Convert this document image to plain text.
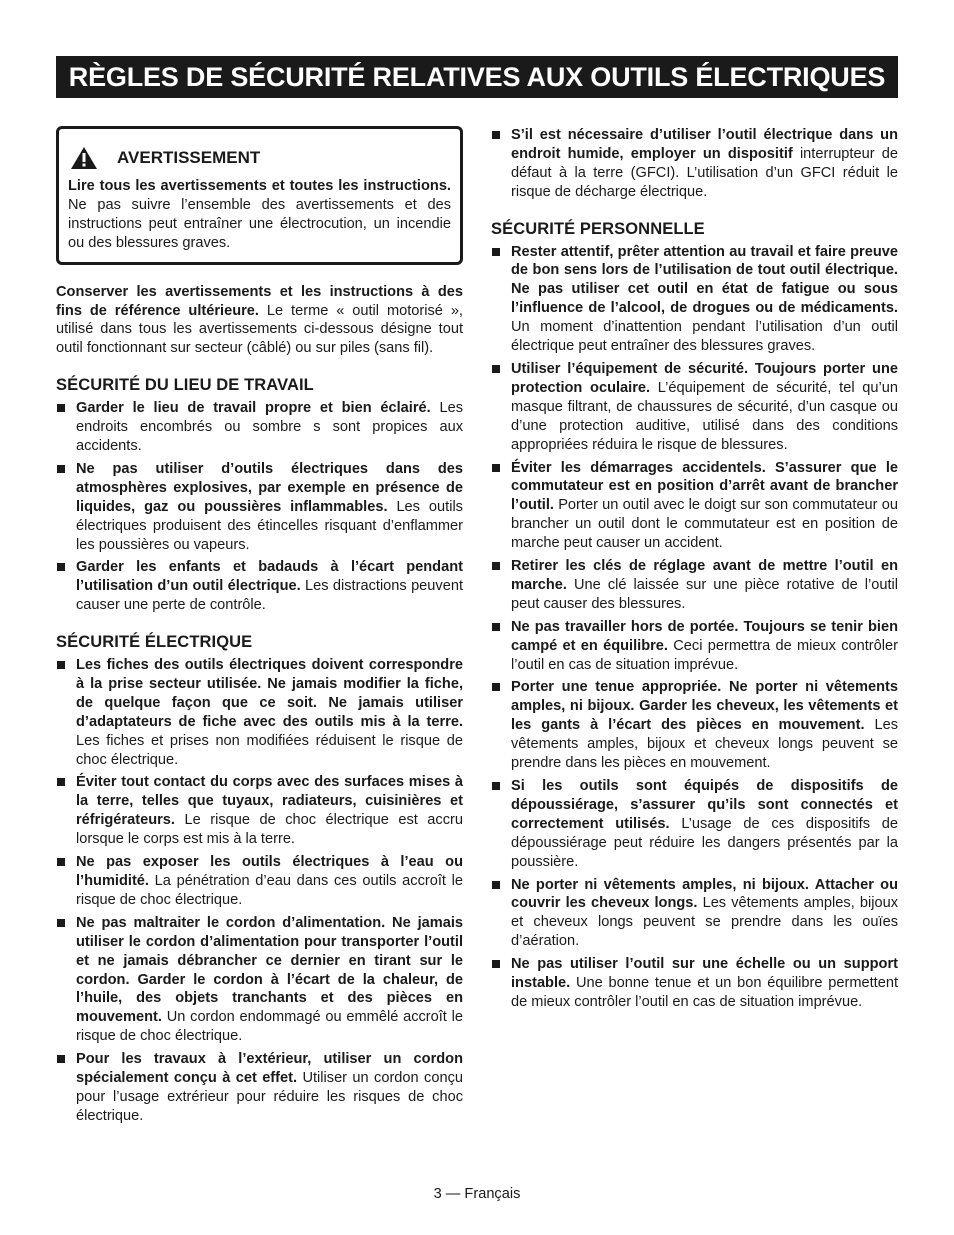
RÈGLES DE SÉCURITÉ RELATIVES AUX OUTILS ÉLECTRIQUES
AVERTISSEMENT

Lire tous les avertissements et toutes les instructions. Ne pas suivre l’ensemble des avertissements et des instructions peut entraîner une électrocution, un incendie ou des blessures graves.

Conserver les avertissements et les instructions à des fins de référence ultérieure. Le terme « outil motorisé », utilisé dans tous les avertissements ci-dessous désigne tout outil fonctionnant sur secteur (câblé) ou sur piles (sans fil).

SÉCURITÉ DU LIEU DE TRAVAIL
Garder le lieu de travail propre et bien éclairé. Les endroits encombrés ou sombre s sont propices aux accidents.
Ne pas utiliser d’outils électriques dans des atmosphères explosives, par exemple en présence de liquides, gaz ou poussières inflammables. Les outils électriques produisent des étincelles risquant d’enflammer les poussières ou vapeurs.
Garder les enfants et badauds à l’écart pendant l’utilisation d’un outil électrique. Les distractions peuvent causer une perte de contrôle.
SÉCURITÉ ÉLECTRIQUE
Les fiches des outils électriques doivent correspondre à la prise secteur utilisée. Ne jamais modifier la fiche, de quelque façon que ce soit. Ne jamais utiliser d’adaptateurs de fiche avec des outils mis à la terre. Les fiches et prises non modifiées réduisent le risque de choc électrique.
Éviter tout contact du corps avec des surfaces mises à la terre, telles que tuyaux, radiateurs, cuisinières et réfrigérateurs. Le risque de choc électrique est accru lorsque le corps est mis à la terre.
Ne pas exposer les outils électriques à l’eau ou l’humidité. La pénétration d’eau dans ces outils accroît le risque de choc électrique.
Ne pas maltraiter le cordon d’alimentation. Ne jamais utiliser le cordon d’alimentation pour transporter l’outil et ne jamais débrancher ce dernier en tirant sur le cordon. Garder le cordon à l’écart de la chaleur, de l’huile, des objets tranchants et des pièces en mouvement. Un cordon endommagé ou emmêlé accroît le risque de choc électrique.
Pour les travaux à l’extérieur, utiliser un cordon spécialement conçu à cet effet. Utiliser un cordon conçu pour l’usage extrérieur pour réduire les risques de choc électrique.
S’il est nécessaire d’utiliser l’outil électrique dans un endroit humide, employer un dispositif interrupteur de défaut à la terre (GFCI). L’utilisation d’un GFCI réduit le risque de décharge électrique.
SÉCURITÉ PERSONNELLE
Rester attentif, prêter attention au travail et faire preuve de bon sens lors de l’utilisation de tout outil électrique. Ne pas utiliser cet outil en état de fatigue ou sous l’influence de l’alcool, de drogues ou de médicaments. Un moment d’inattention pendant l’utilisation d’un outil électrique peut entraîner des blessures graves.
Utiliser l’équipement de sécurité. Toujours porter une protection oculaire. L’équipement de sécurité, tel qu’un masque filtrant, de chaussures de sécurité, d’un casque ou d’une protection auditive, utilisé dans des conditions appropriées réduira le risque de blessures.
Éviter les démarrages accidentels. S’assurer que le commutateur est en position d’arrêt avant de brancher l’outil. Porter un outil avec le doigt sur son commutateur ou brancher un outil dont le commutateur est en position de marche peut causer un accident.
Retirer les clés de réglage avant de mettre l’outil en marche. Une clé laissée sur une pièce rotative de l’outil peut causer des blessures.
Ne pas travailler hors de portée. Toujours se tenir bien campé et en équilibre. Ceci permettra de mieux contrôler l’outil en cas de situation imprévue.
Porter une tenue appropriée. Ne porter ni vêtements amples, ni bijoux. Garder les cheveux, les vêtements et les gants à l’écart des pièces en mouvement. Les vêtements amples, bijoux et cheveux longs peuvent se prendre dans les pièces en mouvement.
Si les outils sont équipés de dispositifs de dépoussiérage, s’assurer qu’ils sont connectés et correctement utilisés. L’usage de ces dispositifs de dépoussiérage peut réduire les dangers présentés par la poussière.
Ne porter ni vêtements amples, ni bijoux. Attacher ou couvrir les cheveux longs. Les vêtements amples, bijoux et cheveux longs peuvent se prendre dans les ouïes d’aération.
Ne pas utiliser l’outil sur une échelle ou un support instable. Une bonne tenue et un bon équilibre permettent de mieux contrôler l’outil en cas de situation imprévue.
3 — Français
